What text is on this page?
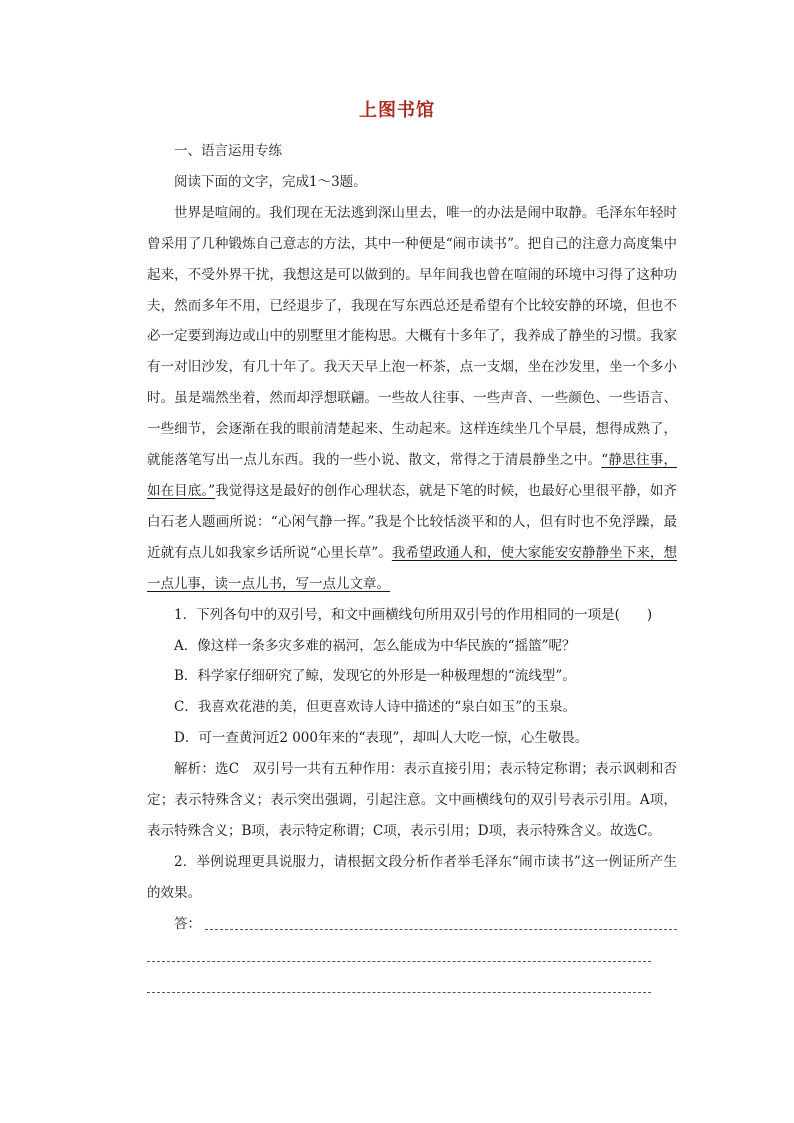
上图书馆

一、语言运用专练

阅读下面的文字，完成1～3题。

世界是喧闹的。我们现在无法逃到深山里去，唯一的办法是闹中取静。毛泽东年轻时曾采用了几种锻炼自己意志的方法，其中一种便是“闹市读书”。把自己的注意力高度集中起来，不受外界干扰，我想这是可以做到的。早年间我也曾在喧闹的环境中习得了这种功夫，然而多年不用，已经退步了，我现在写东西总还是希望有个比较安静的环境，但也不必一定要到海边或山中的别墅里才能构思。大概有十多年了，我养成了静坐的习惯。我家有一对旧沙发，有几十年了。我天天早上泡一杯茶，点一支烟，坐在沙发里，坐一个多小时。虽是端然坐着，然而却浮想联翩。一些故人往事、一些声音、一些颜色、一些语言、一些细节，会逐渐在我的眼前清楚起来、生动起来。这样连续坐几个早晨，想得成熟了，就能落笔写出一点儿东西。我的一些小说、散文，常得之于清晨静坐之中。“静思往事，如在目底。”我觉得这是最好的创作心理状态，就是下笔的时候，也最好心里很平静，如齐白石老人题画所说：“心闲气静一挥。”我是个比较恬淡平和的人，但有时也不免浮躁，最近就有点儿如我家乡话所说“心里长草”。我希望政通人和，使大家能安安静静坐下来，想一点儿事，读一点儿书，写一点儿文章。

1．下列各句中的双引号，和文中画横线句所用双引号的作用相同的一项是(　　)

A．像这样一条多灾多难的祸河，怎么能成为中华民族的“摇篮”呢？

B．科学家仔细研究了鲸，发现它的外形是一种极理想的“流线型”。

C．我喜欢花港的美，但更喜欢诗人诗中描述的“泉白如玉”的玉泉。

D．可一查黄河近2 000年来的“表现”，却叫人大吃一惊，心生敬畏。

解析：选C　双引号一共有五种作用：表示直接引用；表示特定称谓；表示讽刺和否定；表示特殊含义；表示突出强调，引起注意。文中画横线句的双引号表示引用。A项，表示特殊含义；B项，表示特定称谓；C项，表示引用；D项，表示特殊含义。故选C。

2．举例说理更具说服力，请根据文段分析作者举毛泽东“闹市读书”这一例证所产生的效果。

答：
